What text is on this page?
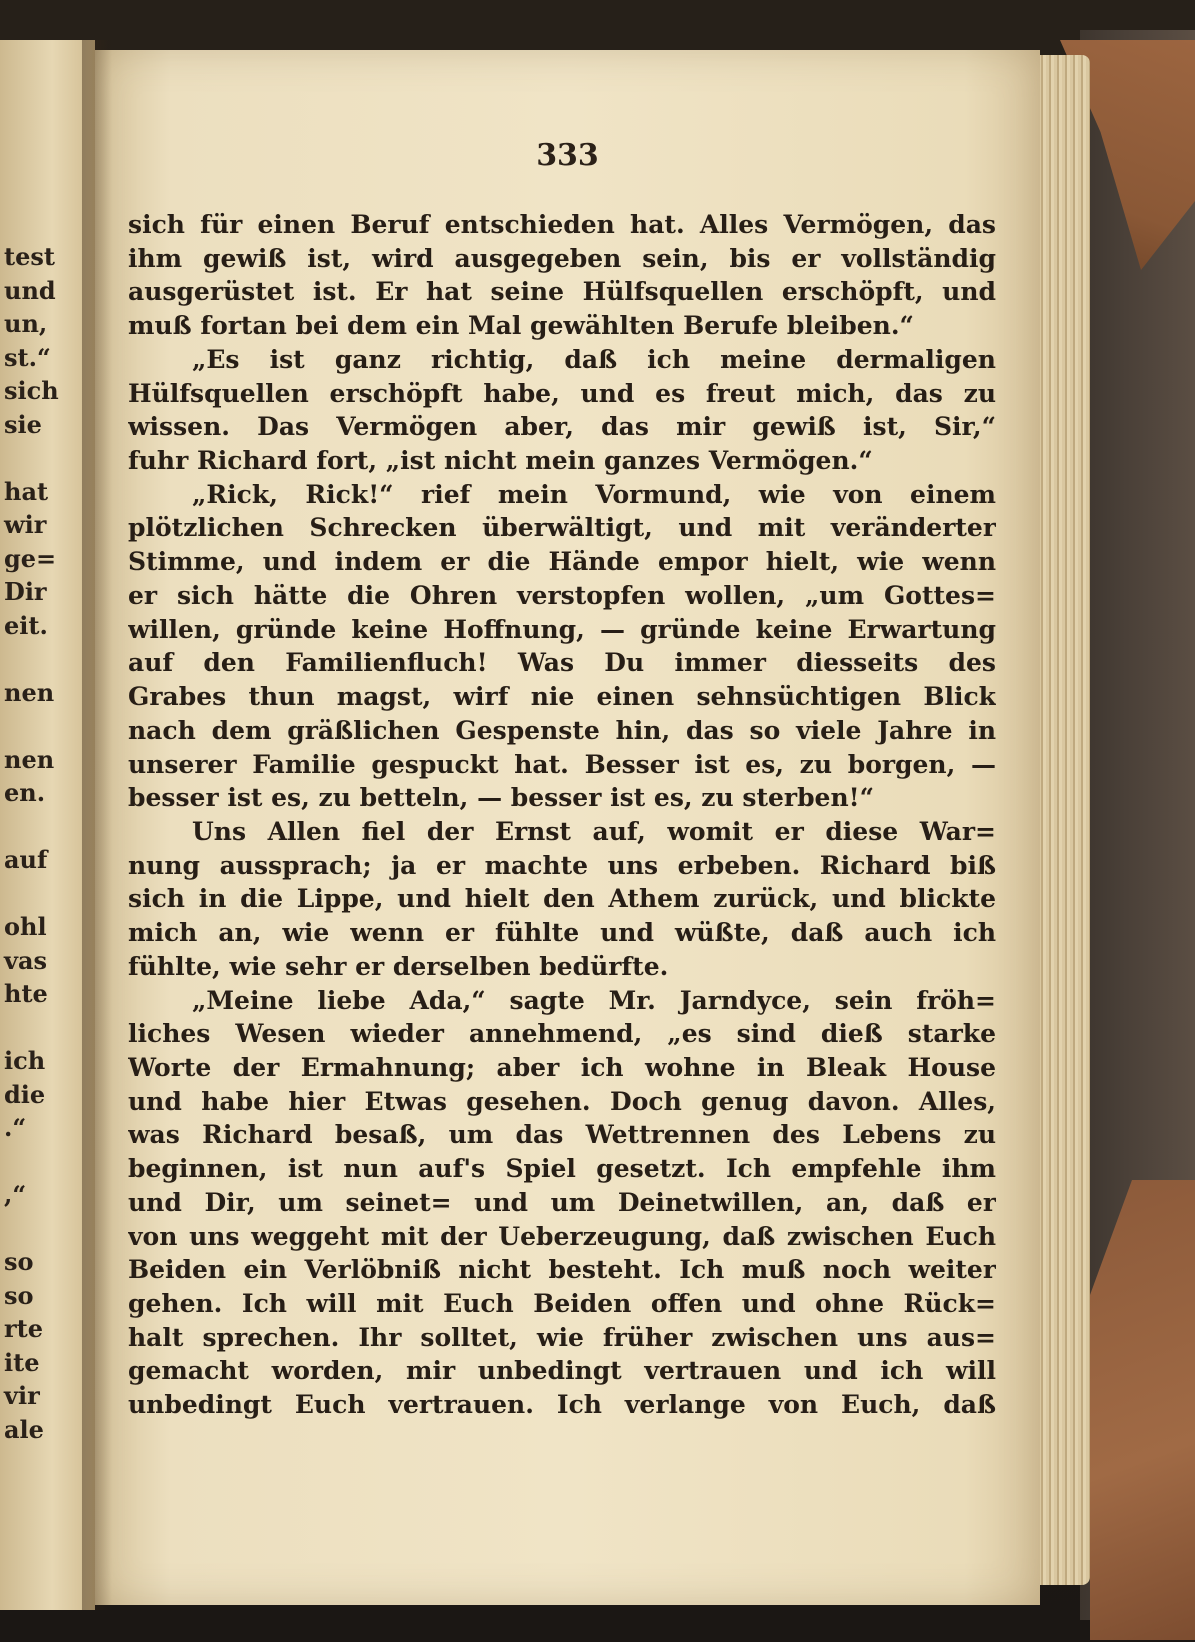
test
und
un,
st.“
sich
sie
hat
wir
ge=
Dir
eit.
nen
nen
en.
auf
ohl
vas
hte
ich
die
.“
,“
so
so
rte
ite
vir
ale
333
sich für einen Beruf entschieden hat. Alles Vermögen, das
ihm gewiß ist, wird ausgegeben sein, bis er vollständig
ausgerüstet ist. Er hat seine Hülfsquellen erschöpft, und
muß fortan bei dem ein Mal gewählten Berufe bleiben.“
„Es ist ganz richtig, daß ich meine dermaligen
Hülfsquellen erschöpft habe, und es freut mich, das zu
wissen. Das Vermögen aber, das mir gewiß ist, Sir,“
fuhr Richard fort, „ist nicht mein ganzes Vermögen.“
„Rick, Rick!“ rief mein Vormund, wie von einem
plötzlichen Schrecken überwältigt, und mit veränderter
Stimme, und indem er die Hände empor hielt, wie wenn
er sich hätte die Ohren verstopfen wollen, „um Gottes=
willen, gründe keine Hoffnung, — gründe keine Erwartung
auf den Familienfluch! Was Du immer diesseits des
Grabes thun magst, wirf nie einen sehnsüchtigen Blick
nach dem gräßlichen Gespenste hin, das so viele Jahre in
unserer Familie gespuckt hat. Besser ist es, zu borgen, —
besser ist es, zu betteln, — besser ist es, zu sterben!“
Uns Allen fiel der Ernst auf, womit er diese War=
nung aussprach; ja er machte uns erbeben. Richard biß
sich in die Lippe, und hielt den Athem zurück, und blickte
mich an, wie wenn er fühlte und wüßte, daß auch ich
fühlte, wie sehr er derselben bedürfte.
„Meine liebe Ada,“ sagte Mr. Jarndyce, sein fröh=
liches Wesen wieder annehmend, „es sind dieß starke
Worte der Ermahnung; aber ich wohne in Bleak House
und habe hier Etwas gesehen. Doch genug davon. Alles,
was Richard besaß, um das Wettrennen des Lebens zu
beginnen, ist nun auf's Spiel gesetzt. Ich empfehle ihm
und Dir, um seinet= und um Deinetwillen, an, daß er
von uns weggeht mit der Ueberzeugung, daß zwischen Euch
Beiden ein Verlöbniß nicht besteht. Ich muß noch weiter
gehen. Ich will mit Euch Beiden offen und ohne Rück=
halt sprechen. Ihr solltet, wie früher zwischen uns aus=
gemacht worden, mir unbedingt vertrauen und ich will
unbedingt Euch vertrauen. Ich verlange von Euch, daß
